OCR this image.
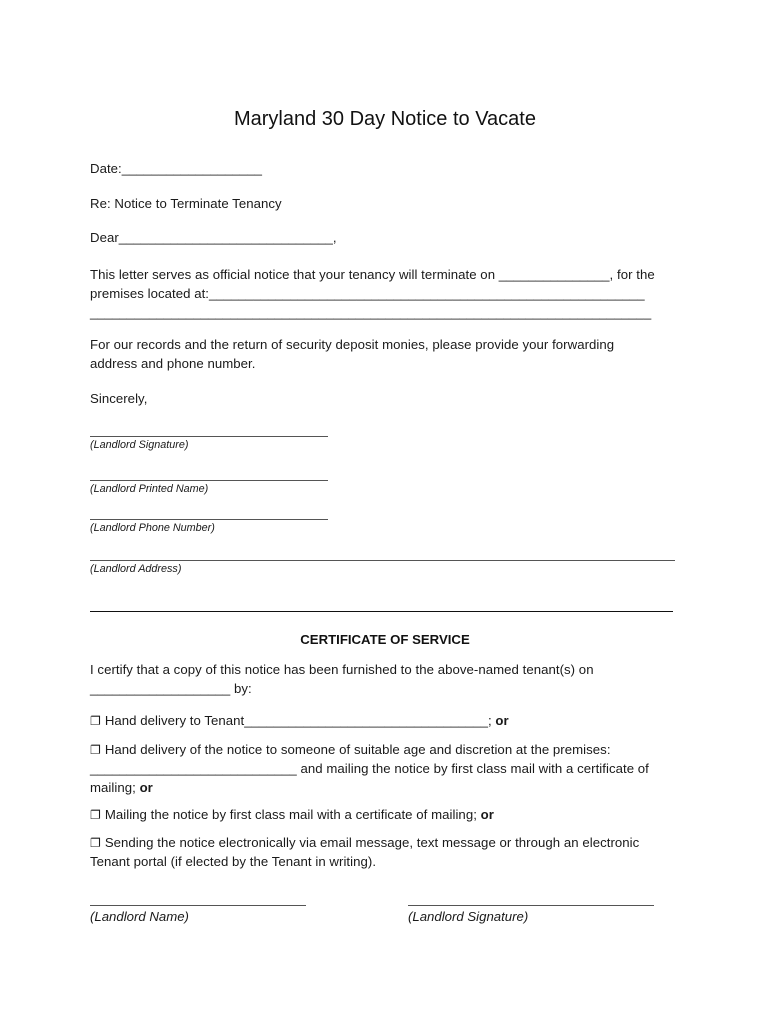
Maryland 30 Day Notice to Vacate
Date:___________________
Re: Notice to Terminate Tenancy
Dear_____________________________,
This letter serves as official notice that your tenancy will terminate on _______________, for the
premises located at:___________________________________________________________
____________________________________________________________________________
For our records and the return of security deposit monies, please provide your forwarding
address and phone number.
Sincerely,
(Landlord Signature)
(Landlord Printed Name)
(Landlord Phone Number)
(Landlord Address)
CERTIFICATE OF SERVICE
I certify that a copy of this notice has been furnished to the above-named tenant(s) on
___________________ by:
❐ Hand delivery to Tenant_________________________________; or
❐ Hand delivery of the notice to someone of suitable age and discretion at the premises:
____________________________ and mailing the notice by first class mail with a certificate of
mailing; or
❐ Mailing the notice by first class mail with a certificate of mailing; or
❐ Sending the notice electronically via email message, text message or through an electronic
Tenant portal (if elected by the Tenant in writing).
(Landlord Name)	(Landlord Signature)
